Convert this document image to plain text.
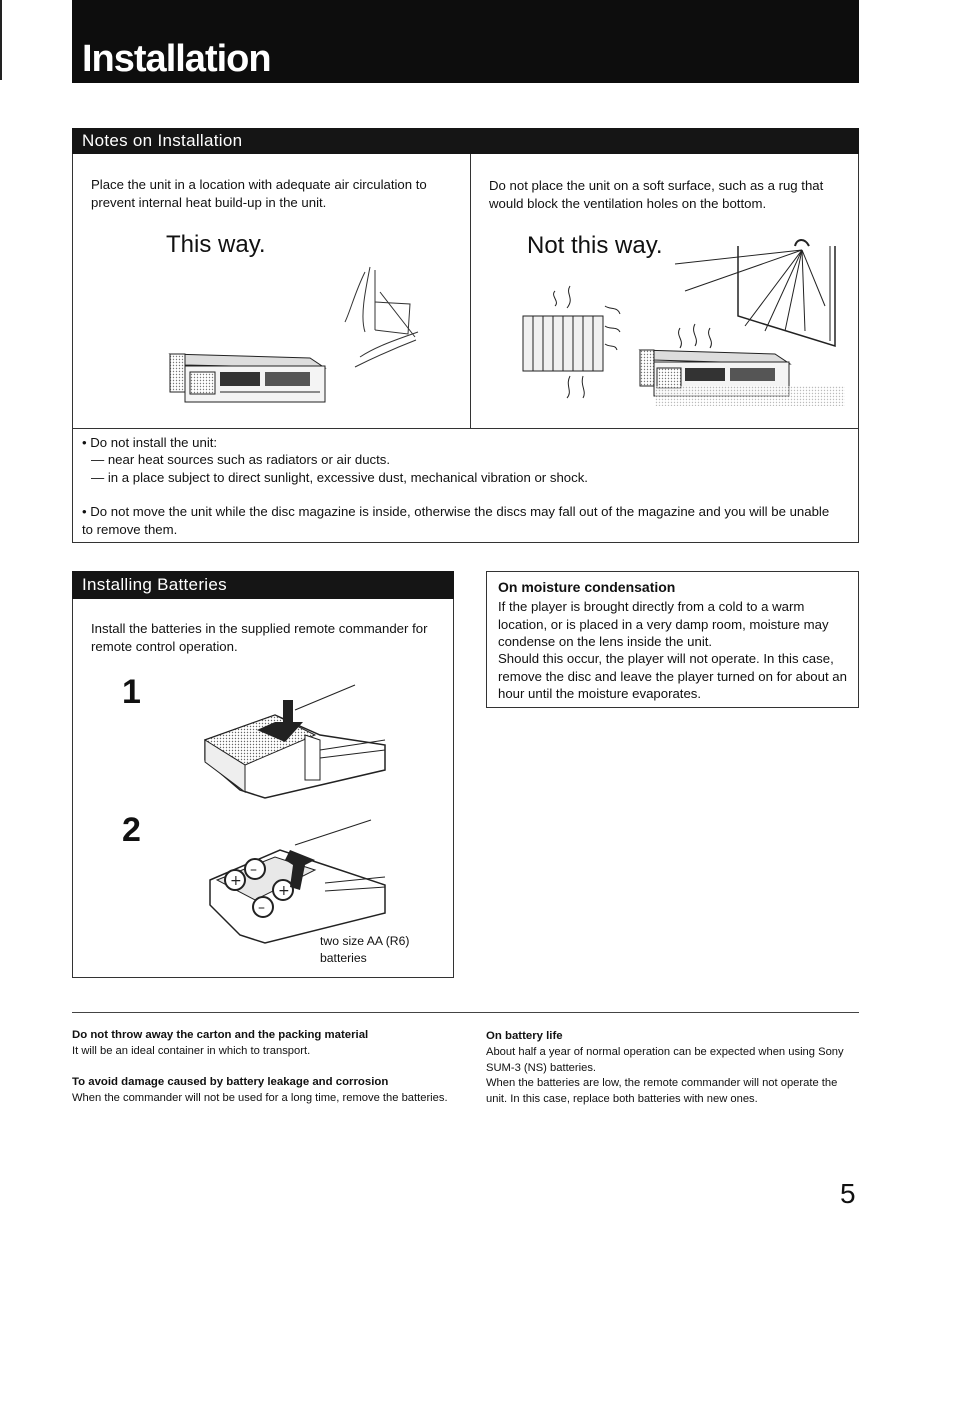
Installation
Notes on Installation
Place the unit in a location with adequate air circulation to prevent internal heat build-up in the unit.
Do not place the unit on a soft surface, such as a rug that would block the ventilation holes on the bottom.
This way.	Not this way.
• Do not install the unit:
— near heat sources such as radiators or air ducts.
— in a place subject to direct sunlight, excessive dust, mechanical vibration or shock.
• Do not move the unit while the disc magazine is inside, otherwise the discs may fall out of the magazine and you will be unable to remove them.
Installing Batteries
Install the batteries in the supplied remote commander for remote control operation.
1
2
+
–
+
–
two size AA (R6) batteries
On moisture condensation
If the player is brought directly from a cold to a warm location, or is placed in a very damp room, moisture may condense on the lens inside the unit.
Should this occur, the player will not operate. In this case, remove the disc and leave the player turned on for about an hour until the moisture evaporates.
Do not throw away the carton and the packing material
It will be an ideal container in which to transport.
To avoid damage caused by battery leakage and corrosion
When the commander will not be used for a long time, remove the batteries.
On battery life
About half a year of normal operation can be expected when using Sony SUM-3 (NS) batteries.
When the batteries are low, the remote commander will not operate the unit. In this case, replace both batteries with new ones.
5
